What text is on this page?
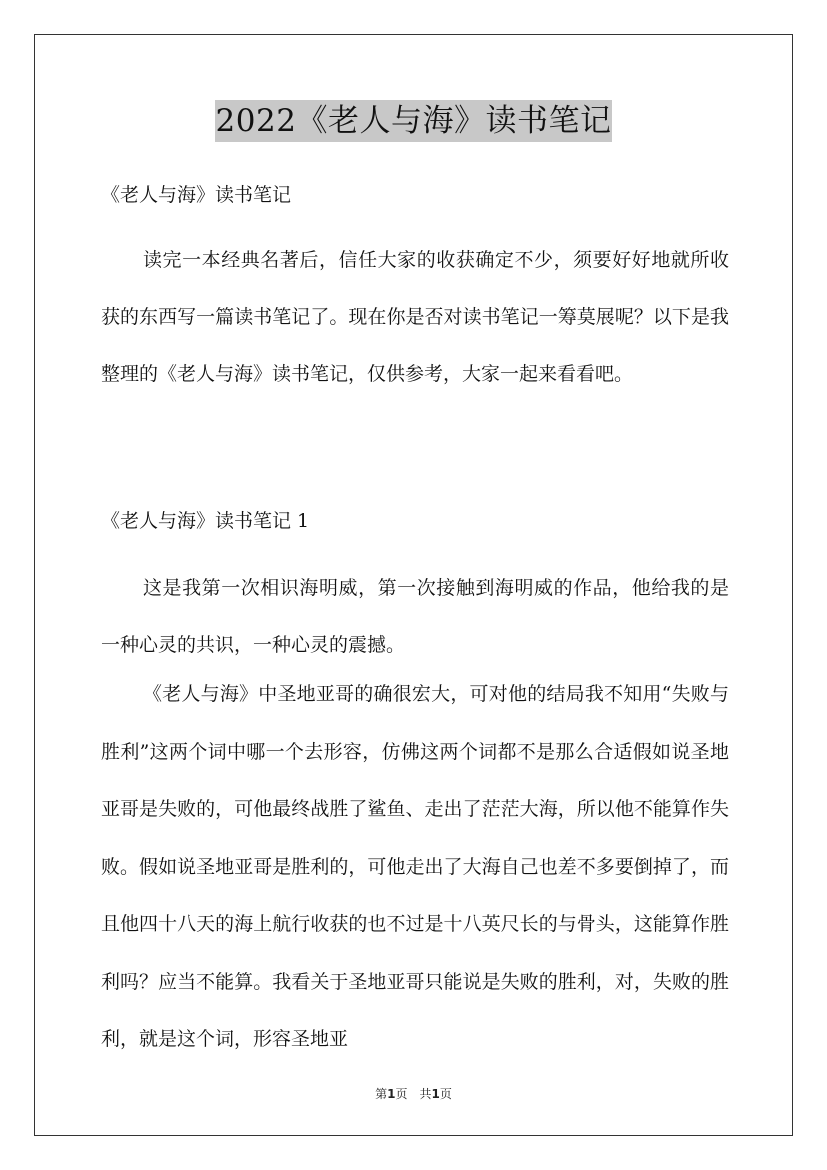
2022《老人与海》读书笔记

《老人与海》读书笔记

读完一本经典名著后，信任大家的收获确定不少，须要好好地就所收获的东西写一篇读书笔记了。现在你是否对读书笔记一筹莫展呢？以下是我整理的《老人与海》读书笔记，仅供参考，大家一起来看看吧。

《老人与海》读书笔记 1

这是我第一次相识海明威，第一次接触到海明威的作品，他给我的是一种心灵的共识，一种心灵的震撼。

《老人与海》中圣地亚哥的确很宏大，可对他的结局我不知用“失败与胜利”这两个词中哪一个去形容，仿佛这两个词都不是那么合适假如说圣地亚哥是失败的，可他最终战胜了鲨鱼、走出了茫茫大海，所以他不能算作失败。假如说圣地亚哥是胜利的，可他走出了大海自己也差不多要倒掉了，而且他四十八天的海上航行收获的也不过是十八英尺长的与骨头，这能算作胜利吗？应当不能算。我看关于圣地亚哥只能说是失败的胜利，对，失败的胜利，就是这个词，形容圣地亚

第1页　共1页
